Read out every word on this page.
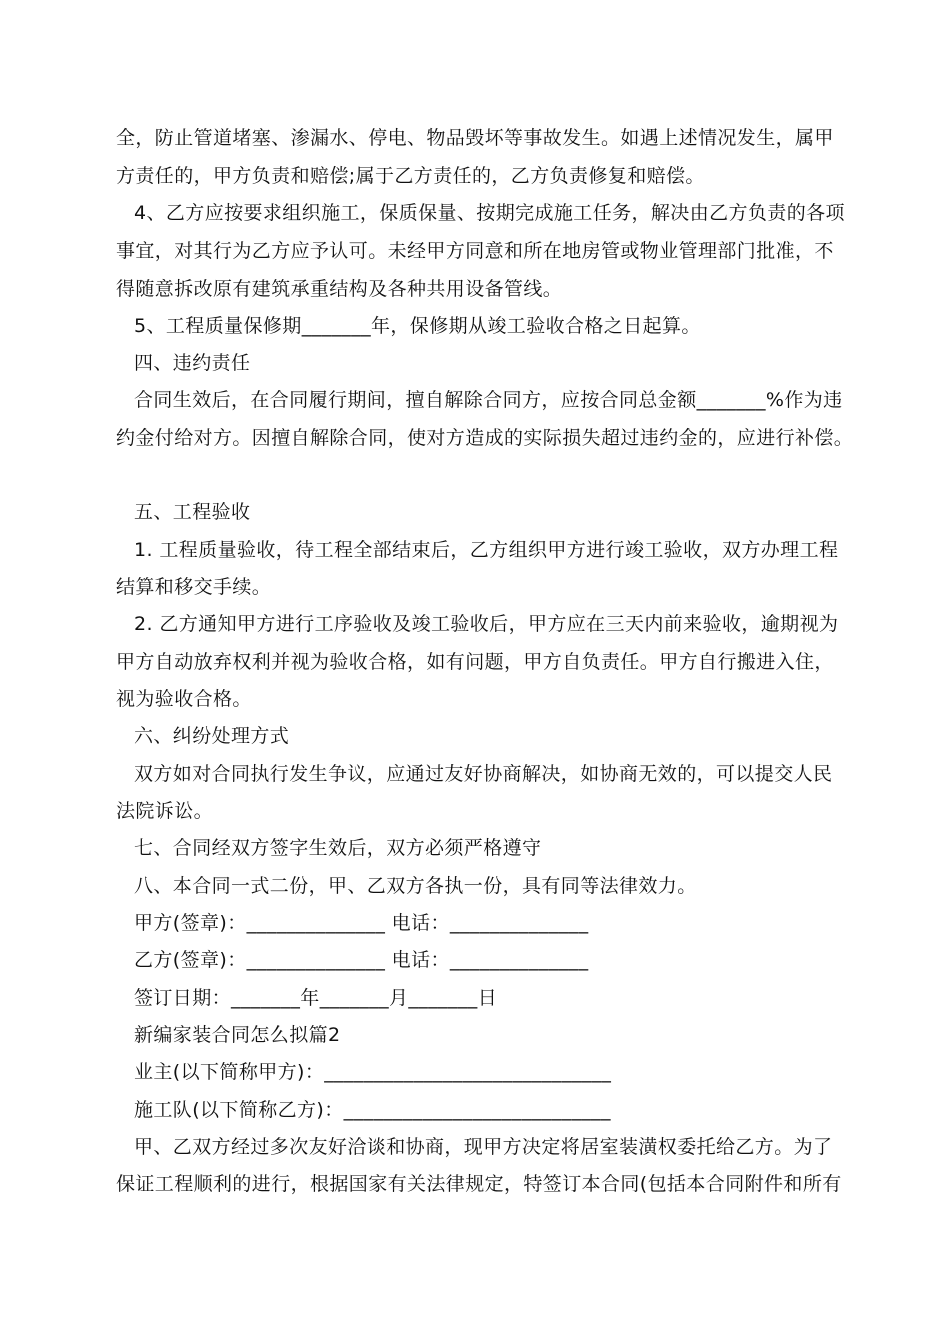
全，防止管道堵塞、渗漏水、停电、物品毁坏等事故发生。如遇上述情况发生，属甲
方责任的，甲方负责和赔偿;属于乙方责任的，乙方负责修复和赔偿。
4、乙方应按要求组织施工，保质保量、按期完成施工任务，解决由乙方负责的各项
事宜，对其行为乙方应予认可。未经甲方同意和所在地房管或物业管理部门批准，不
得随意拆改原有建筑承重结构及各种共用设备管线。
5、工程质量保修期_______年，保修期从竣工验收合格之日起算。
四、违约责任
合同生效后，在合同履行期间，擅自解除合同方，应按合同总金额_______%作为违
约金付给对方。因擅自解除合同，使对方造成的实际损失超过违约金的，应进行补偿。
五、工程验收
1. 工程质量验收，待工程全部结束后，乙方组织甲方进行竣工验收，双方办理工程
结算和移交手续。
2. 乙方通知甲方进行工序验收及竣工验收后，甲方应在三天内前来验收，逾期视为
甲方自动放弃权利并视为验收合格，如有问题，甲方自负责任。甲方自行搬进入住，
视为验收合格。
六、纠纷处理方式
双方如对合同执行发生争议，应通过友好协商解决，如协商无效的，可以提交人民
法院诉讼。
七、合同经双方签字生效后，双方必须严格遵守
八、本合同一式二份，甲、乙双方各执一份，具有同等法律效力。
甲方(签章)：______________ 电话：______________
乙方(签章)：______________ 电话：______________
签订日期：_______年_______月_______日
新编家装合同怎么拟篇2
业主(以下简称甲方)：_____________________________
施工队(以下简称乙方)：___________________________
甲、乙双方经过多次友好洽谈和协商，现甲方决定将居室装潢权委托给乙方。为了
保证工程顺利的进行，根据国家有关法律规定，特签订本合同(包括本合同附件和所有
